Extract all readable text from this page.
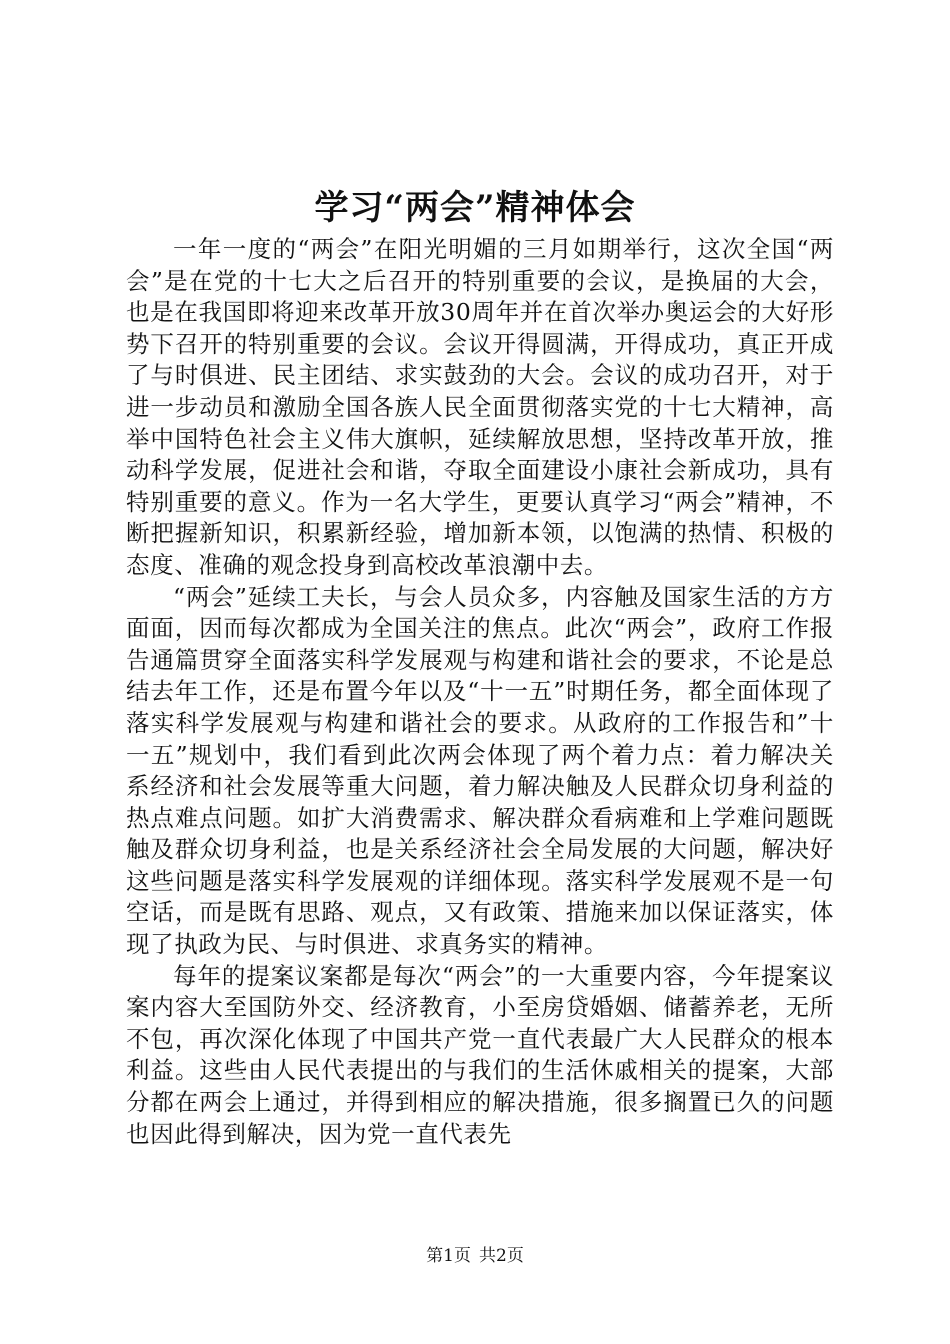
学习“两会”精神体会

一年一度的“两会”在阳光明媚的三月如期举行，这次全国“两会”是在党的十七大之后召开的特别重要的会议，是换届的大会，也是在我国即将迎来改革开放30周年并在首次举办奥运会的大好形势下召开的特别重要的会议。会议开得圆满，开得成功，真正开成了与时俱进、民主团结、求实鼓劲的大会。会议的成功召开，对于进一步动员和激励全国各族人民全面贯彻落实党的十七大精神，高举中国特色社会主义伟大旗帜，延续解放思想，坚持改革开放，推动科学发展，促进社会和谐，夺取全面建设小康社会新成功，具有特别重要的意义。作为一名大学生，更要认真学习“两会”精神，不断把握新知识，积累新经验，增加新本领，以饱满的热情、积极的态度、准确的观念投身到高校改革浪潮中去。

“两会”延续工夫长，与会人员众多，内容触及国家生活的方方面面，因而每次都成为全国关注的焦点。此次“两会”，政府工作报告通篇贯穿全面落实科学发展观与构建和谐社会的要求，不论是总结去年工作，还是布置今年以及“十一五”时期任务，都全面体现了落实科学发展观与构建和谐社会的要求。从政府的工作报告和”十一五”规划中，我们看到此次两会体现了两个着力点：着力解决关系经济和社会发展等重大问题，着力解决触及人民群众切身利益的热点难点问题。如扩大消费需求、解决群众看病难和上学难问题既触及群众切身利益，也是关系经济社会全局发展的大问题，解决好这些问题是落实科学发展观的详细体现。落实科学发展观不是一句空话，而是既有思路、观点，又有政策、措施来加以保证落实，体现了执政为民、与时俱进、求真务实的精神。

每年的提案议案都是每次“两会”的一大重要内容，今年提案议案内容大至国防外交、经济教育，小至房贷婚姻、储蓄养老，无所不包，再次深化体现了中国共产党一直代表最广大人民群众的根本利益。这些由人民代表提出的与我们的生活休戚相关的提案，大部分都在两会上通过，并得到相应的解决措施，很多搁置已久的问题也因此得到解决，因为党一直代表先

第1页 共2页
